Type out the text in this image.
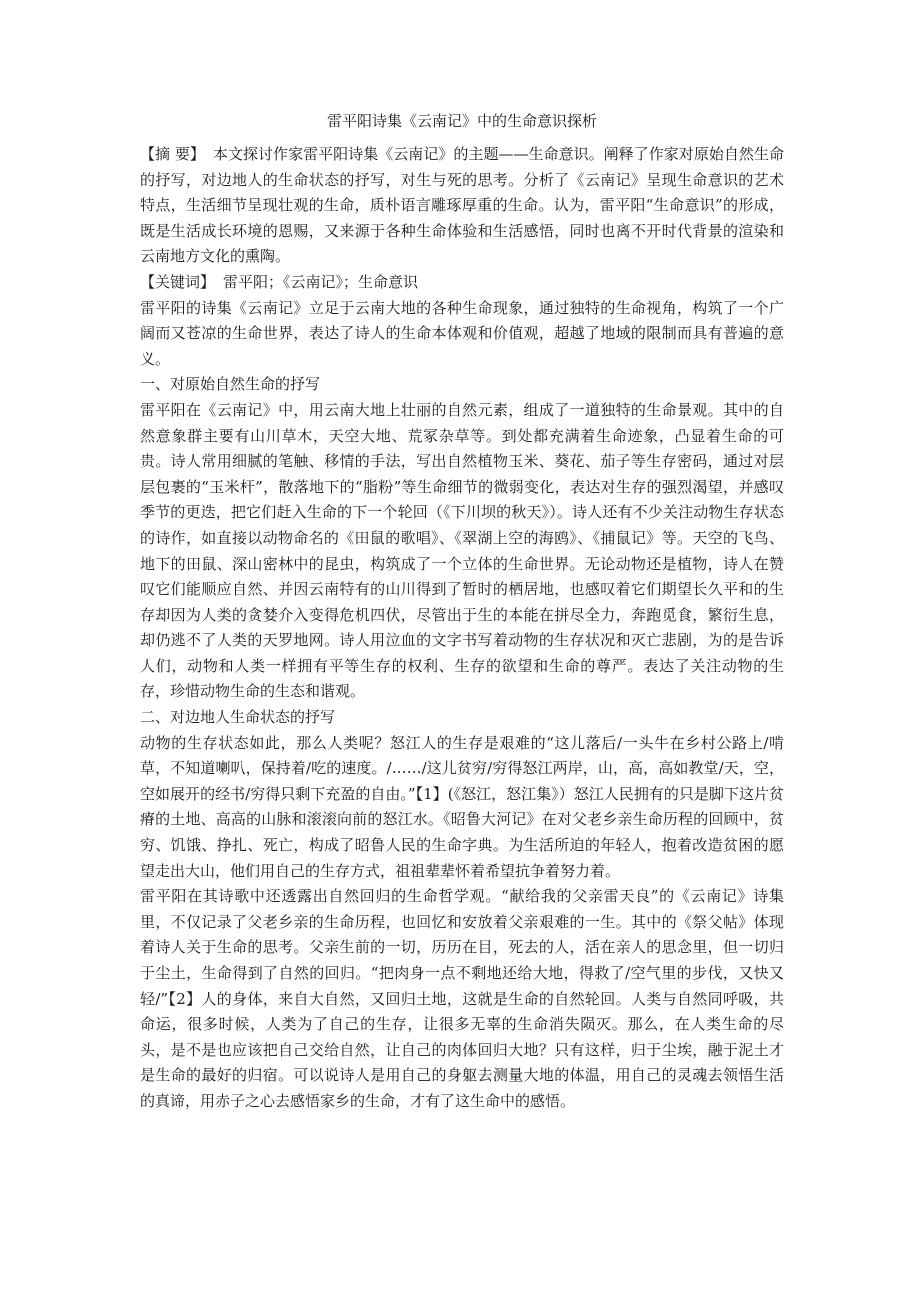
雷平阳诗集《云南记》中的生命意识探析

【摘 要】 本文探讨作家雷平阳诗集《云南记》的主题——生命意识。阐释了作家对原始自然生命的抒写，对边地人的生命状态的抒写，对生与死的思考。分析了《云南记》呈现生命意识的艺术特点，生活细节呈现壮观的生命，质朴语言雕琢厚重的生命。认为，雷平阳“生命意识”的形成，既是生活成长环境的恩赐，又来源于各种生命体验和生活感悟，同时也离不开时代背景的渲染和云南地方文化的熏陶。

【关键词】 雷平阳；《云南记》；生命意识

雷平阳的诗集《云南记》立足于云南大地的各种生命现象，通过独特的生命视角，构筑了一个广阔而又苍凉的生命世界，表达了诗人的生命本体观和价值观，超越了地域的限制而具有普遍的意义。

一、对原始自然生命的抒写

雷平阳在《云南记》中，用云南大地上壮丽的自然元素，组成了一道独特的生命景观。其中的自然意象群主要有山川草木，天空大地、荒冢杂草等。到处都充满着生命迹象，凸显着生命的可贵。诗人常用细腻的笔触、移情的手法，写出自然植物玉米、葵花、茄子等生存密码，通过对层层包裹的“玉米杆”，散落地下的“脂粉”等生命细节的微弱变化，表达对生存的强烈渴望，并感叹季节的更迭，把它们赶入生命的下一个轮回（《下川坝的秋天》）。诗人还有不少关注动物生存状态的诗作，如直接以动物命名的《田鼠的歌唱》、《翠湖上空的海鸥》、《捕鼠记》等。天空的飞鸟、地下的田鼠、深山密林中的昆虫，构筑成了一个立体的生命世界。无论动物还是植物，诗人在赞叹它们能顺应自然、并因云南特有的山川得到了暂时的栖居地，也感叹着它们期望长久平和的生存却因为人类的贪婪介入变得危机四伏，尽管出于生的本能在拼尽全力，奔跑觅食，繁衍生息，却仍逃不了人类的天罗地网。诗人用泣血的文字书写着动物的生存状况和灭亡悲剧，为的是告诉人们，动物和人类一样拥有平等生存的权利、生存的欲望和生命的尊严。表达了关注动物的生存，珍惜动物生命的生态和谐观。

二、对边地人生命状态的抒写

动物的生存状态如此，那么人类呢？怒江人的生存是艰难的“这儿落后/一头牛在乡村公路上/啃草，不知道喇叭，保持着/吃的速度。/……/这儿贫穷/穷得怒江两岸，山，高，高如教堂/天，空，空如展开的经书/穷得只剩下充盈的自由。”【1】(《怒江，怒江集》）怒江人民拥有的只是脚下这片贫瘠的土地、高高的山脉和滚滚向前的怒江水。《昭鲁大河记》在对父老乡亲生命历程的回顾中，贫穷、饥饿、挣扎、死亡，构成了昭鲁人民的生命字典。为生活所迫的年轻人，抱着改造贫困的愿望走出大山，他们用自己的生存方式，祖祖辈辈怀着希望抗争着努力着。

雷平阳在其诗歌中还透露出自然回归的生命哲学观。“献给我的父亲雷天良”的《云南记》诗集里，不仅记录了父老乡亲的生命历程，也回忆和安放着父亲艰难的一生。其中的《祭父帖》体现着诗人关于生命的思考。父亲生前的一切，历历在目，死去的人，活在亲人的思念里，但一切归于尘土，生命得到了自然的回归。“把肉身一点不剩地还给大地，得救了/空气里的步伐，又快又轻/”【2】人的身体，来自大自然，又回归土地，这就是生命的自然轮回。人类与自然同呼吸，共命运，很多时候，人类为了自己的生存，让很多无辜的生命消失陨灭。那么，在人类生命的尽头，是不是也应该把自己交给自然，让自己的肉体回归大地？只有这样，归于尘埃，融于泥土才是生命的最好的归宿。可以说诗人是用自己的身躯去测量大地的体温，用自己的灵魂去领悟生活的真谛，用赤子之心去感悟家乡的生命，才有了这生命中的感悟。
